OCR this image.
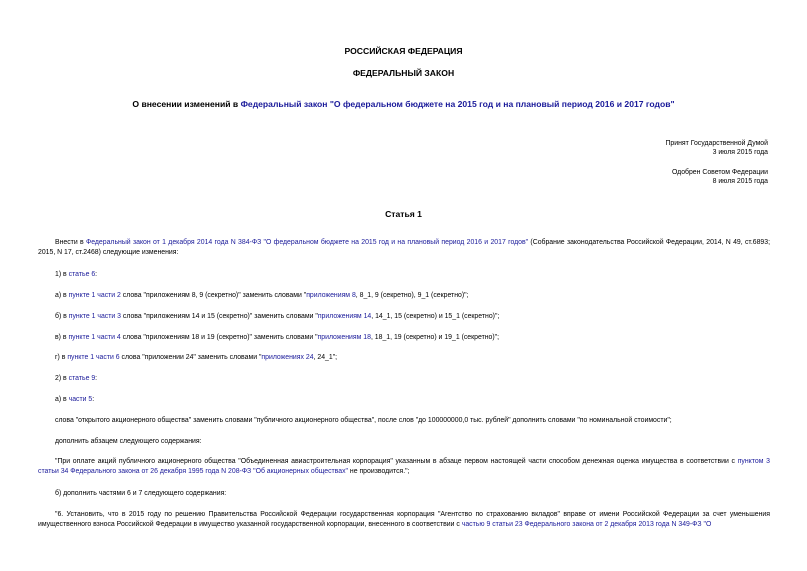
РОССИЙСКАЯ ФЕДЕРАЦИЯ
ФЕДЕРАЛЬНЫЙ ЗАКОН
О внесении изменений в Федеральный закон "О федеральном бюджете на 2015 год и на плановый период 2016 и 2017 годов"
Принят Государственной Думой
3 июля 2015 года
Одобрен Советом Федерации
8 июля 2015 года
Статья 1
Внести в Федеральный закон от 1 декабря 2014 года N 384-ФЗ "О федеральном бюджете на 2015 год и на плановый период 2016 и 2017 годов" (Собрание законодательства Российской Федерации, 2014, N 49, ст.6893; 2015, N 17, ст.2468) следующие изменения:
1) в статье 6:
а) в пункте 1 части 2 слова "приложениям 8, 9 (секретно)" заменить словами "приложениям 8, 8_1, 9 (секретно), 9_1 (секретно)";
б) в пункте 1 части 3 слова "приложениям 14 и 15 (секретно)" заменить словами "приложениям 14, 14_1, 15 (секретно) и 15_1 (секретно)";
в) в пункте 1 части 4 слова "приложениям 18 и 19 (секретно)" заменить словами "приложениям 18, 18_1, 19 (секретно) и 19_1 (секретно)";
г) в пункте 1 части 6 слова "приложении 24" заменить словами "приложениях 24, 24_1";
2) в статье 9:
а) в части 5:
слова "открытого акционерного общества" заменить словами "публичного акционерного общества", после слов "до 100000000,0 тыс. рублей" дополнить словами "по номинальной стоимости";
дополнить абзацем следующего содержания:
"При оплате акций публичного акционерного общества "Объединенная авиастроительная корпорация" указанным в абзаце первом настоящей части способом денежная оценка имущества в соответствии с пунктом 3 статьи 34 Федерального закона от 26 декабря 1995 года N 208-ФЗ "Об акционерных обществах" не производится.";
б) дополнить частями 6 и 7 следующего содержания:
"6. Установить, что в 2015 году по решению Правительства Российской Федерации государственная корпорация "Агентство по страхованию вкладов" вправе от имени Российской Федерации за счет уменьшения имущественного взноса Российской Федерации в имущество указанной государственной корпорации, внесенного в соответствии с частью 9 статьи 23 Федерального закона от 2 декабря 2013 года N 349-ФЗ "О
